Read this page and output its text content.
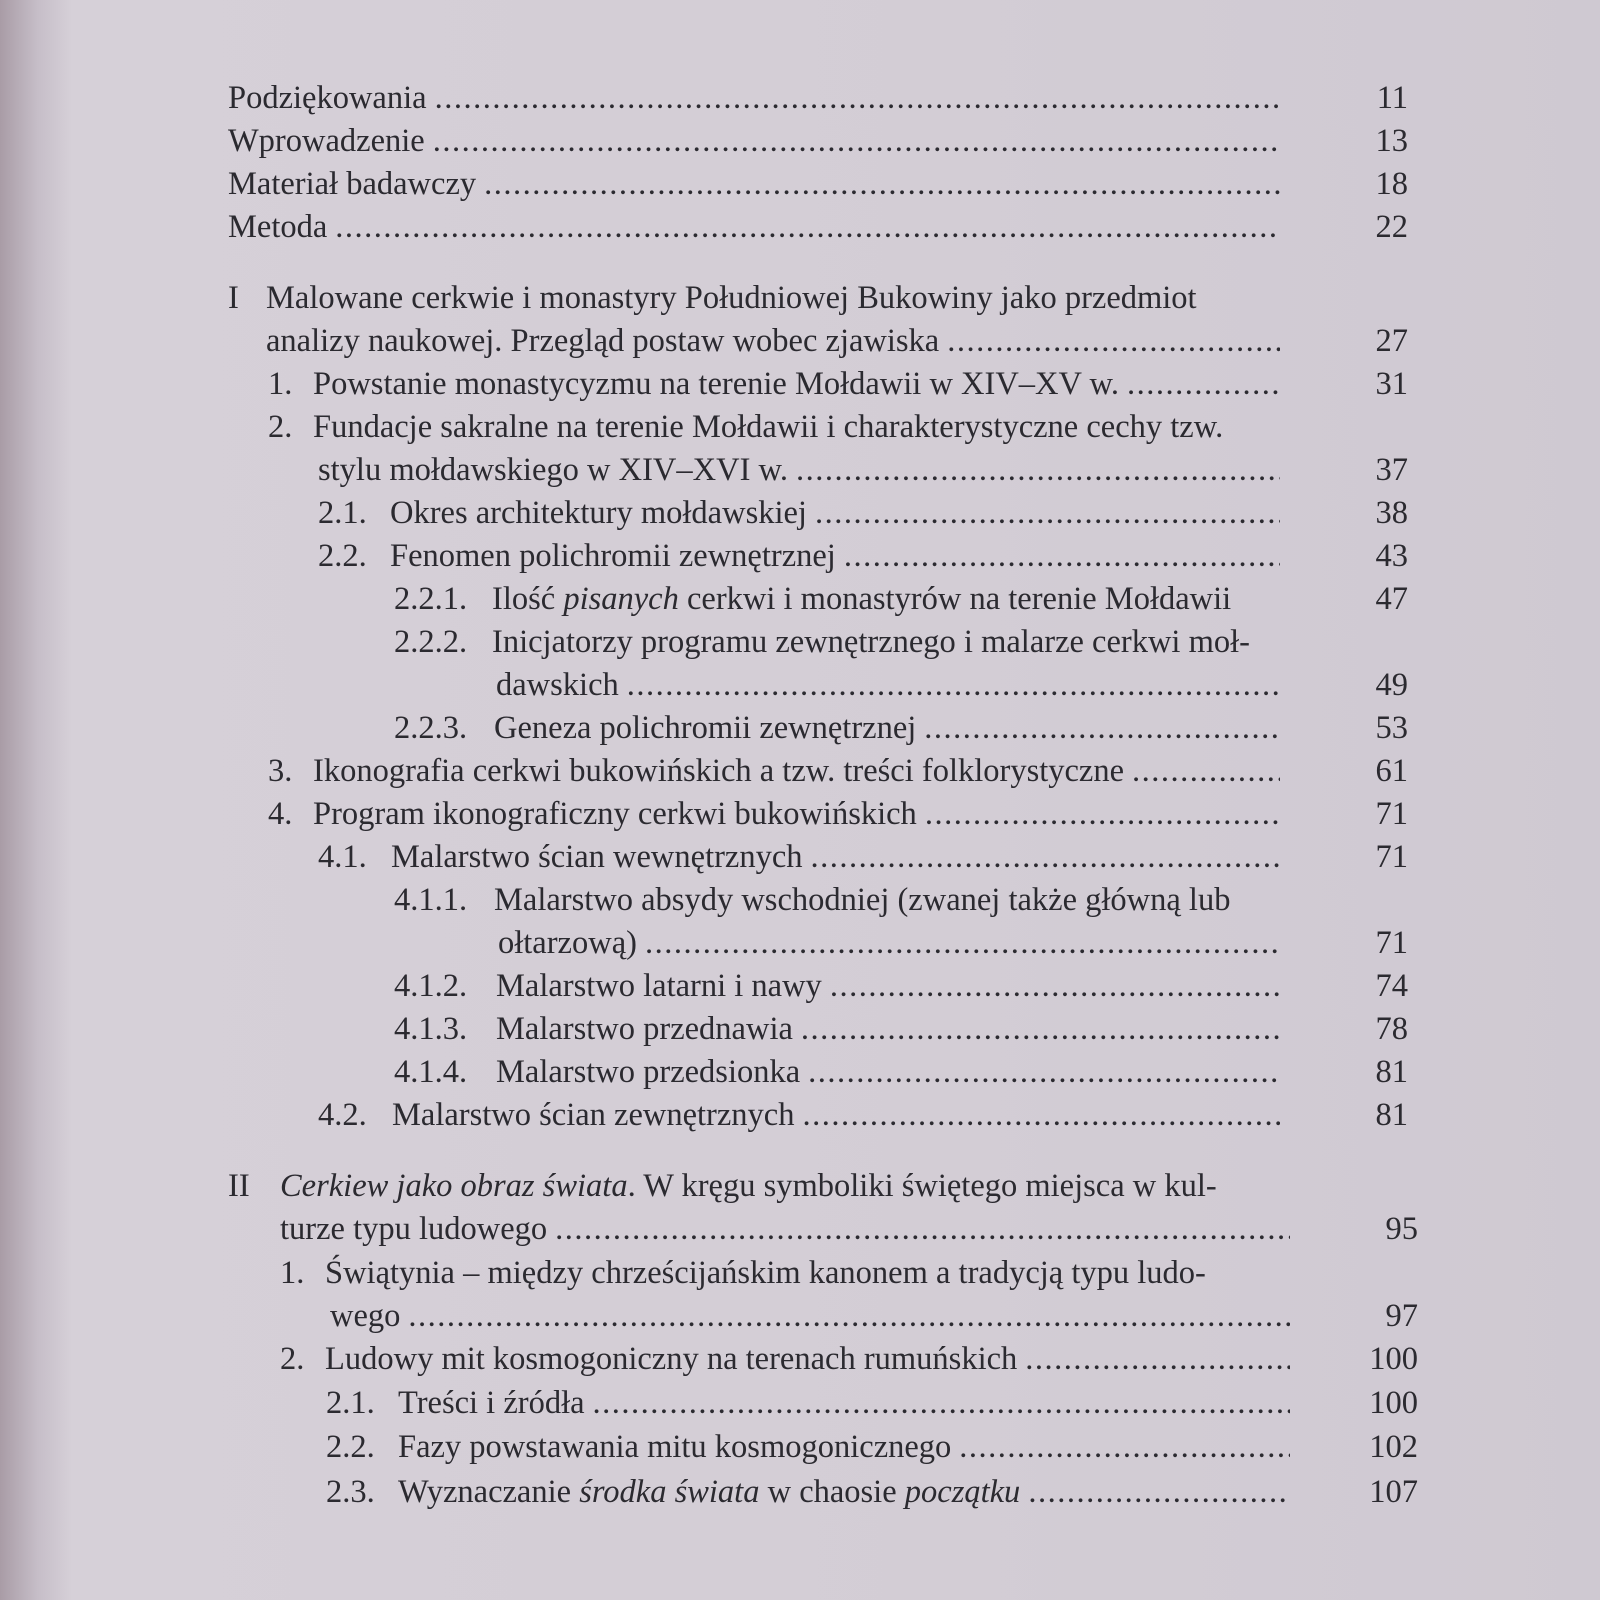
Podziękowania .....	11
Wprowadzenie .....	13
Materiał badawczy .....	18
Metoda .....	22
I Malowane cerkwie i monastyry Południowej Bukowiny jako przedmiot
analizy naukowej. Przegląd postaw wobec zjawiska .....	27
1. Powstanie monastycyzmu na terenie Mołdawii w XIV–XV w. .....	31
2. Fundacje sakralne na terenie Mołdawii i charakterystyczne cechy tzw.
stylu mołdawskiego w XIV–XVI w. .....	37
2.1. Okres architektury mołdawskiej .....	38
2.2. Fenomen polichromii zewnętrznej .....	43
2.2.1. Ilość pisanych cerkwi i monastyrów na terenie Mołdawii	47
2.2.2. Inicjatorzy programu zewnętrznego i malarze cerkwi moł-
dawskich .....	49
2.2.3. Geneza polichromii zewnętrznej .....	53
3. Ikonografia cerkwi bukowińskich a tzw. treści folklorystyczne .....	61
4. Program ikonograficzny cerkwi bukowińskich .....	71
4.1. Malarstwo ścian wewnętrznych .....	71
4.1.1. Malarstwo absydy wschodniej (zwanej także główną lub
ołtarzową) .....	71
4.1.2. Malarstwo latarni i nawy .....	74
4.1.3. Malarstwo przednawia .....	78
4.1.4. Malarstwo przedsionka .....	81
4.2. Malarstwo ścian zewnętrznych .....	81
II Cerkiew jako obraz świata. W kręgu symboliki świętego miejsca w kul-
turze typu ludowego .....	95
1. Świątynia – między chrześcijańskim kanonem a tradycją typu ludo-
wego .....	97
2. Ludowy mit kosmogoniczny na terenach rumuńskich .....	100
2.1. Treści i źródła .....	100
2.2. Fazy powstawania mitu kosmogonicznego .....	102
2.3. Wyznaczanie środka świata w chaosie początku .....	107
